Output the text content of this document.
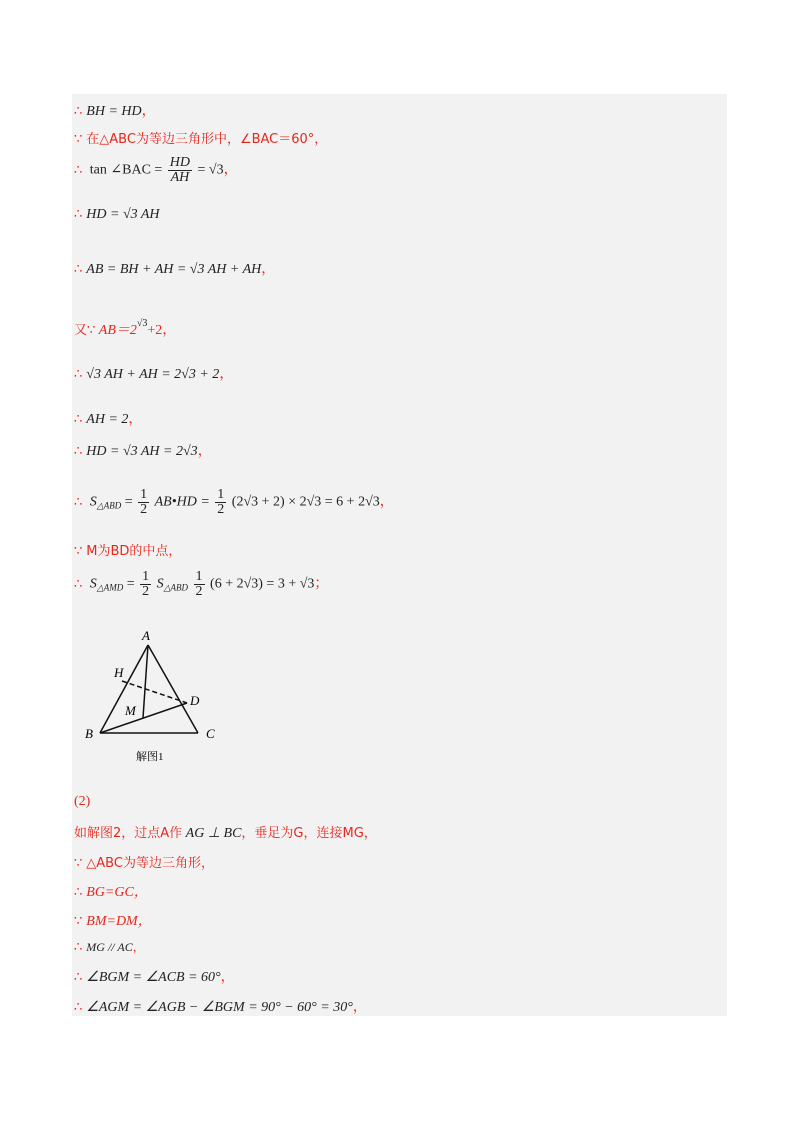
∴ BH = HD，
∵ 在△ABC为等边三角形中，∠BAC＝60°，
∴ tan ∠BAC = $\frac{HD}{AH} = √3$，
∴ HD = √3 AH
∴ AB = BH + AH = √3 AH + AH，
又∵ $AB=2^{√3}+2$，
∴ √3 AH + AH = 2√3 + 2，
∴ AH = 2，
∴ HD = √3 AH = 2√3，
∴ $S_{\triangle ABD} = \frac{1}{2}$ AB•HD = $\frac{1}{2} (2√3 + 2) \times 2√3 = 6 + 2√3$，
∵ M为BD的中点，
∴ $S_{\triangle AMD} = \frac{1}{2} S_{\triangle ABD} \frac{1}{2} (6 + 2√3) = 3 + √3$；
A
B	C
D
H
M
解图1
(2)
如解图2，过点A作 AG ⊥ BC，垂足为G，连接MG，
∵ △ABC为等边三角形，
∴ BG=GC，
∵ BM=DM，
∴ MG // AC，
∴ ∠BGM = ∠ACB = 60°，
∴ ∠AGM = ∠AGB − ∠BGM = 90° − 60° = 30°，
